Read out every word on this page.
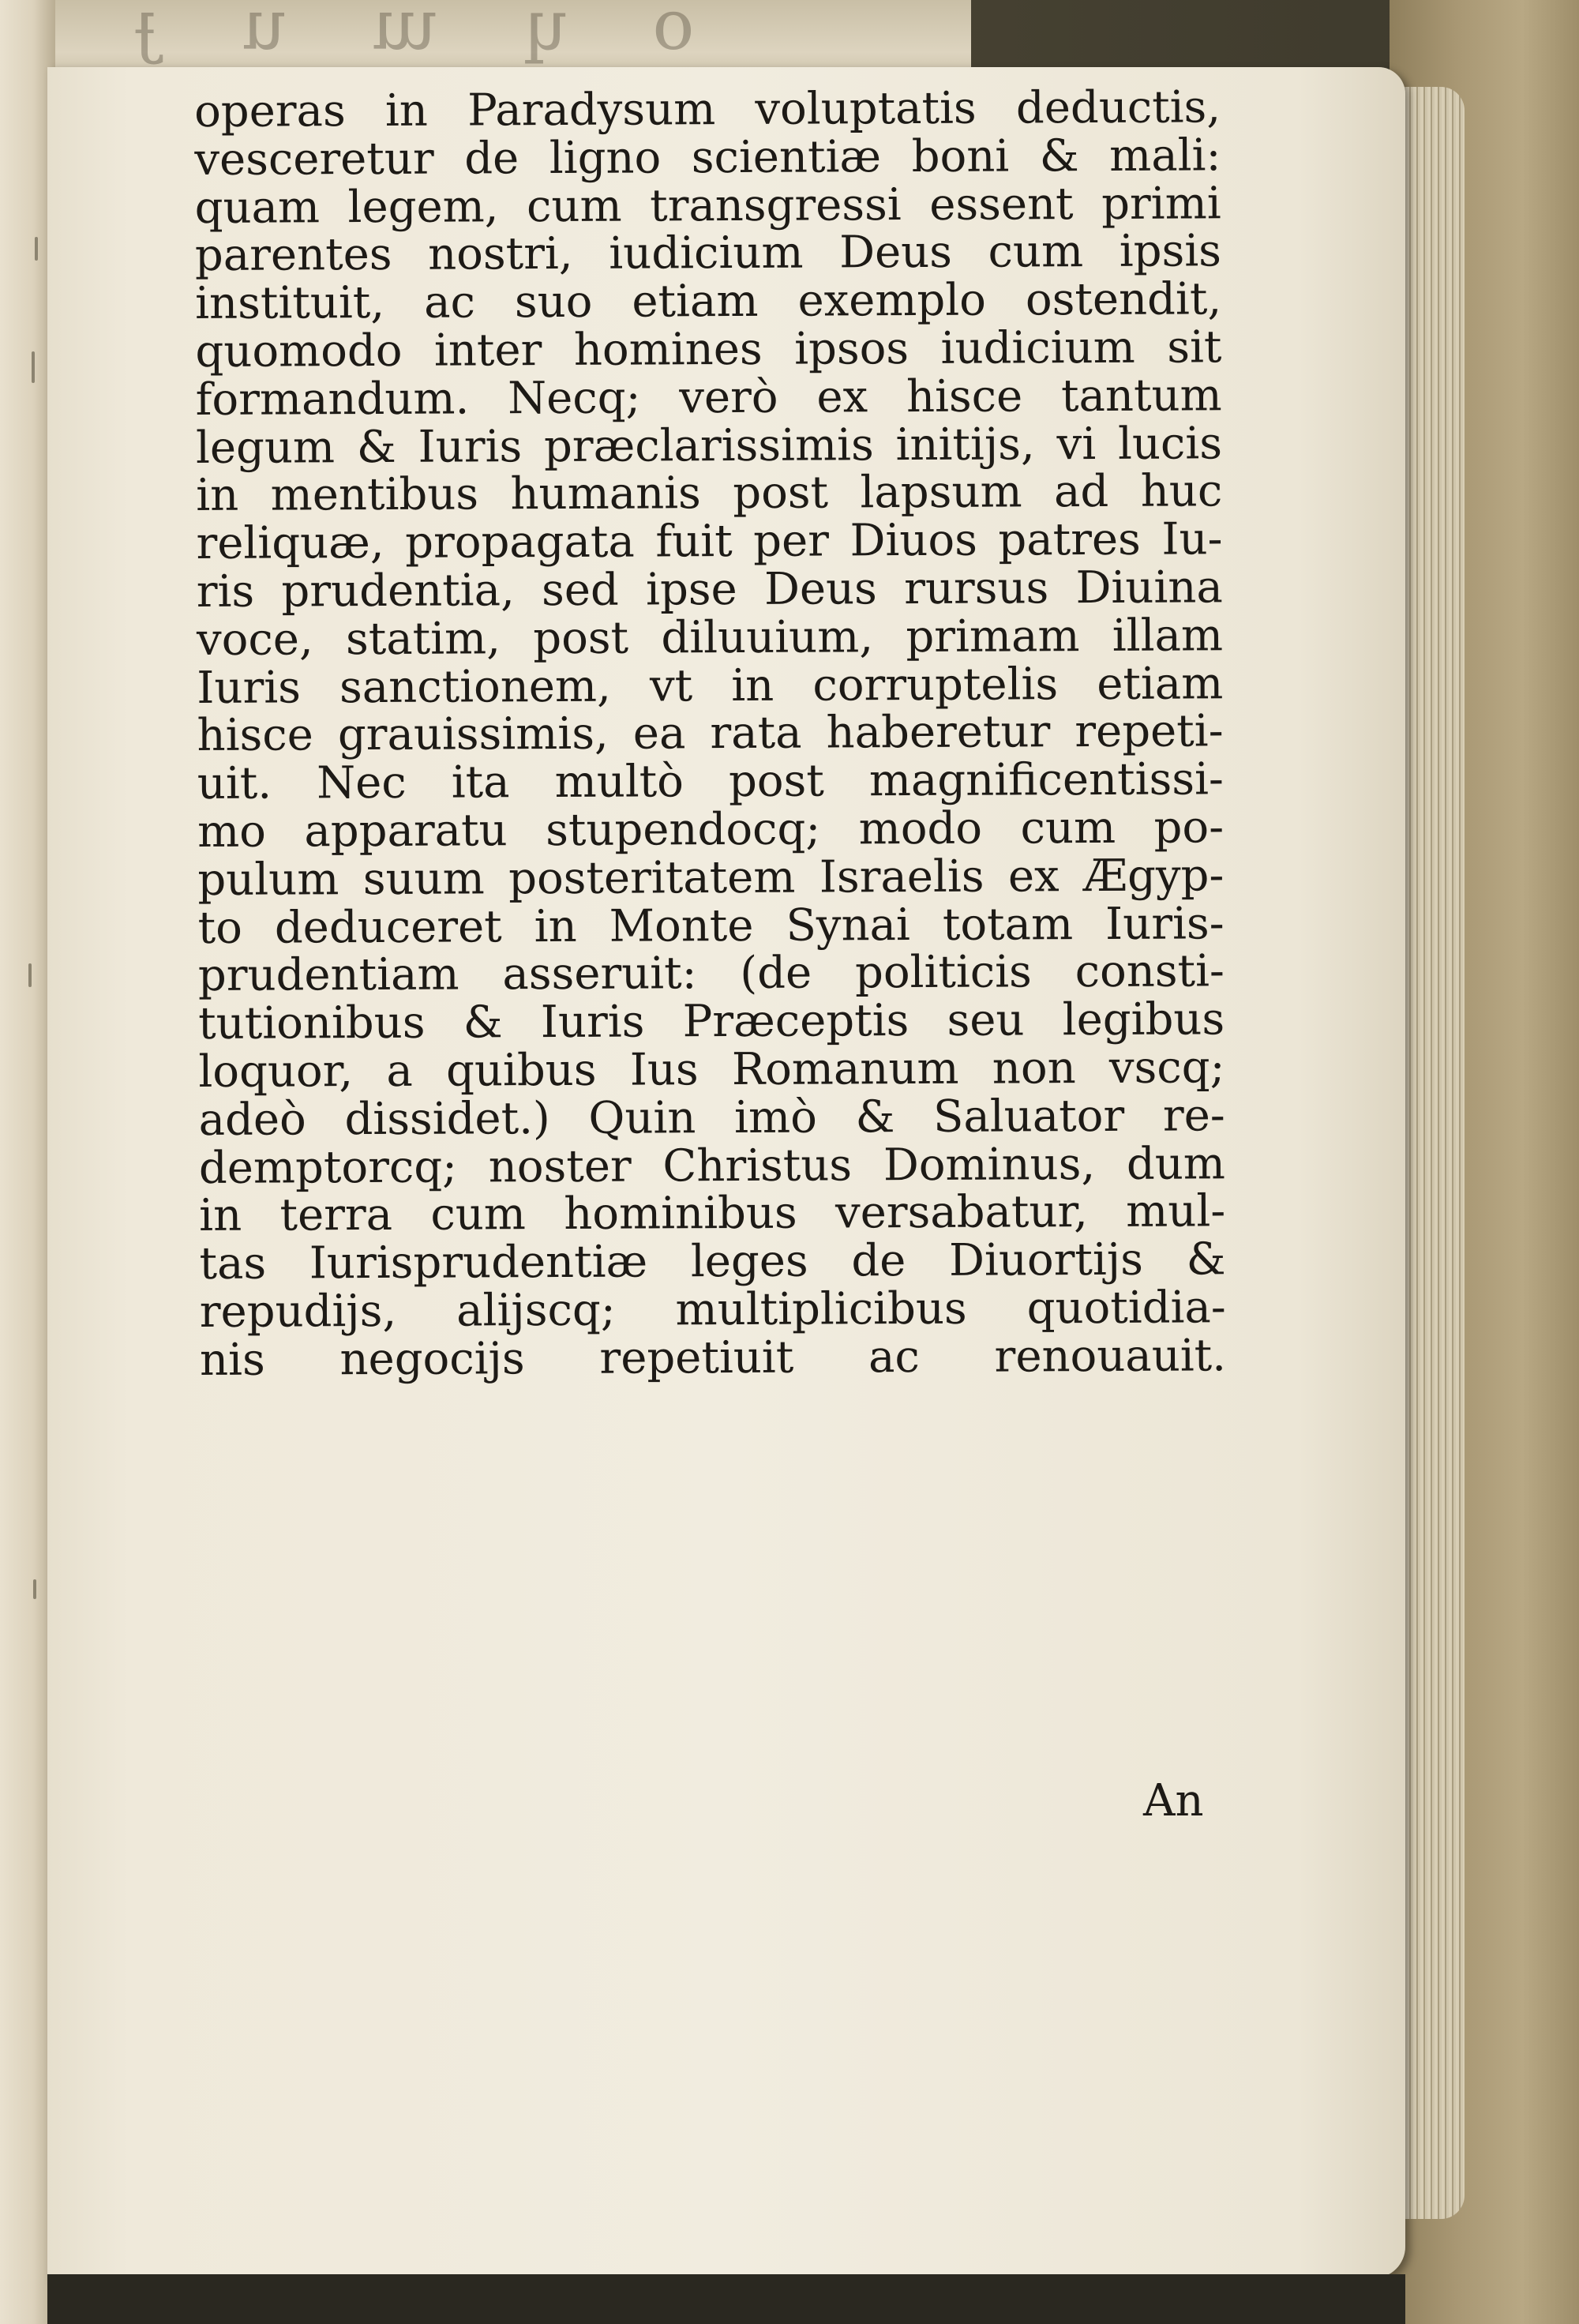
o ɥ ɯ u ɟ
operas in Paradysum voluptatis deductis,
vesceretur de ligno scientiæ boni & mali:
quam legem, cum transgressi essent primi
parentes nostri, iudicium Deus cum ipsis
instituit, ac suo etiam exemplo ostendit,
quomodo inter homines ipsos iudicium sit
formandum. Necq; verò ex hisce tantum
legum & Iuris præclarissimis initijs, vi lucis
in mentibus humanis post lapsum ad huc
reliquæ, propagata fuit per Diuos patres Iu-
ris prudentia, sed ipse Deus rursus Diuina
voce, statim, post diluuium, primam illam
Iuris sanctionem, vt in corruptelis etiam
hisce grauissimis, ea rata haberetur repeti-
uit. Nec ita multò post magnificentissi-
mo apparatu stupendocq; modo cum po-
pulum suum posteritatem Israelis ex Ægyp-
to deduceret in Monte Synai totam Iuris-
prudentiam asseruit: (de politicis consti-
tutionibus & Iuris Præceptis seu legibus
loquor, a quibus Ius Romanum non vscq;
adeò dissidet.) Quin imò & Saluator re-
demptorcq; noster Christus Dominus, dum
in terra cum hominibus versabatur, mul-
tas Iurisprudentiæ leges de Diuortijs &
repudijs, alijscq; multiplicibus quotidia-
nis negocijs repetiuit ac renouauit.
An
